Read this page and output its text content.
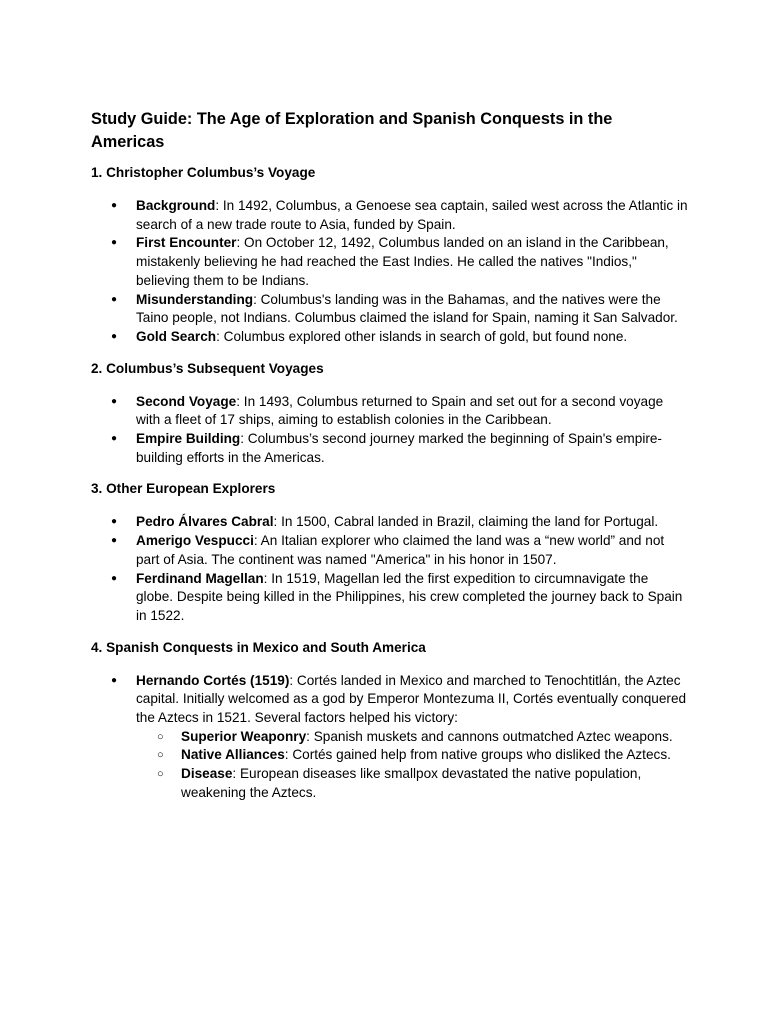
Study Guide: The Age of Exploration and Spanish Conquests in the Americas
1. Christopher Columbus’s Voyage
● Background: In 1492, Columbus, a Genoese sea captain, sailed west across the Atlantic in search of a new trade route to Asia, funded by Spain.
● First Encounter: On October 12, 1492, Columbus landed on an island in the Caribbean, mistakenly believing he had reached the East Indies. He called the natives "Indios," believing them to be Indians.
● Misunderstanding: Columbus's landing was in the Bahamas, and the natives were the Taino people, not Indians. Columbus claimed the island for Spain, naming it San Salvador.
● Gold Search: Columbus explored other islands in search of gold, but found none.
2. Columbus’s Subsequent Voyages
● Second Voyage: In 1493, Columbus returned to Spain and set out for a second voyage with a fleet of 17 ships, aiming to establish colonies in the Caribbean.
● Empire Building: Columbus’s second journey marked the beginning of Spain's empire-building efforts in the Americas.
3. Other European Explorers
● Pedro Álvares Cabral: In 1500, Cabral landed in Brazil, claiming the land for Portugal.
● Amerigo Vespucci: An Italian explorer who claimed the land was a “new world” and not part of Asia. The continent was named "America" in his honor in 1507.
● Ferdinand Magellan: In 1519, Magellan led the first expedition to circumnavigate the globe. Despite being killed in the Philippines, his crew completed the journey back to Spain in 1522.
4. Spanish Conquests in Mexico and South America
● Hernando Cortés (1519): Cortés landed in Mexico and marched to Tenochtitlán, the Aztec capital. Initially welcomed as a god by Emperor Montezuma II, Cortés eventually conquered the Aztecs in 1521. Several factors helped his victory:
○ Superior Weaponry: Spanish muskets and cannons outmatched Aztec weapons.
○ Native Alliances: Cortés gained help from native groups who disliked the Aztecs.
○ Disease: European diseases like smallpox devastated the native population, weakening the Aztecs.
